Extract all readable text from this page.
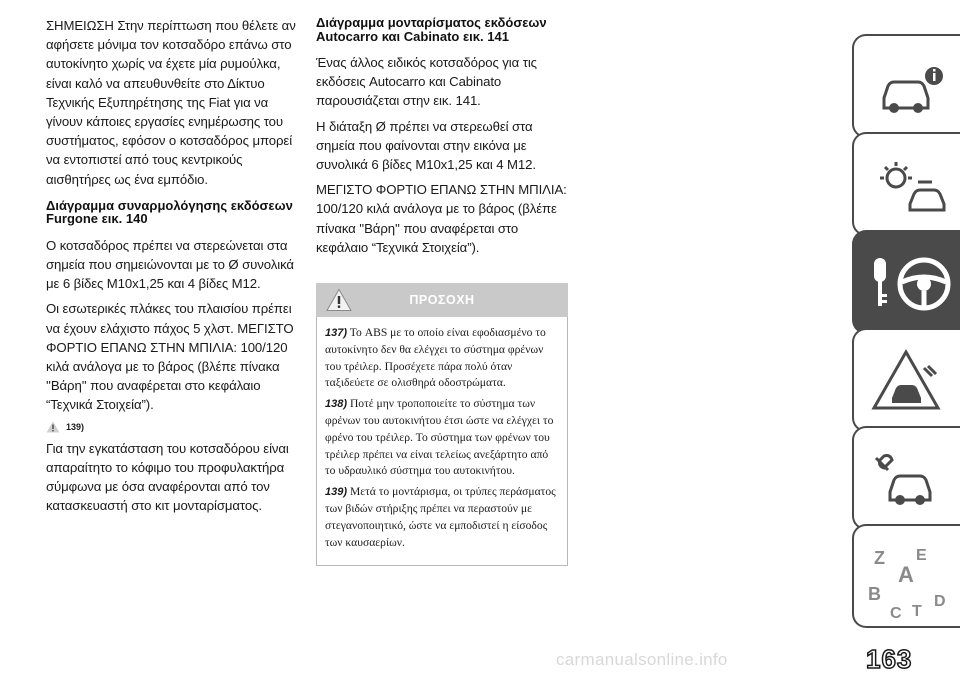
ΣΗΜΕΙΩΣΗ Στην περίπτωση που θέλετε αν αφήσετε μόνιμα τον κοτσαδόρο επάνω στο αυτοκίνητο χωρίς να έχετε μία ρυμούλκα, είναι καλό να απευθυνθείτε στο Δίκτυο Τεχνικής Εξυπηρέτησης της Fiat για να γίνουν κάποιες εργασίες ενημέρωσης του συστήματος, εφόσον ο κοτσαδόρος μπορεί να εντοπιστεί από τους κεντρικούς αισθητήρες ως ένα εμπόδιο.

Διάγραμμα συναρμολόγησης εκδόσεων Furgone εικ. 140

Ο κοτσαδόρος πρέπει να στερεώνεται στα σημεία που σημειώνονται με το Ø συνολικά με 6 βίδες M10x1,25 και 4 βίδες M12.

Οι εσωτερικές πλάκες του πλαισίου πρέπει να έχουν ελάχιστο πάχος 5 χλστ. ΜΕΓΙΣΤΟ ΦΟΡΤΙΟ ΕΠΑΝΩ ΣΤΗΝ ΜΠΙΛΙΑ: 100/120 κιλά ανάλογα με το βάρος (βλέπε πίνακα ''Βάρη'' που αναφέρεται στο κεφάλαιο “Τεχνικά Στοιχεία”).

139)

Για την εγκατάσταση του κοτσαδόρου είναι απαραίτητο το κόφιμο του προφυλακτήρα σύμφωνα με όσα αναφέρονται από τον κατασκευαστή στο κιτ μονταρίσματος.

Διάγραμμα μονταρίσματος εκδόσεων Autocarro και Cabinato εικ. 141

Ένας άλλος ειδικός κοτσαδόρος για τις εκδόσεις Autocarro και Cabinato παρουσιάζεται στην εικ. 141.

Η διάταξη Ø πρέπει να στερεωθεί στα σημεία που φαίνονται στην εικόνα με συνολικά 6 βίδες M10x1,25 και 4 M12.

ΜΕΓΙΣΤΟ ΦΟΡΤΙΟ ΕΠΑΝΩ ΣΤΗΝ ΜΠΙΛΙΑ: 100/120 κιλά ανάλογα με το βάρος (βλέπε πίνακα ''Βάρη'' που αναφέρεται στο κεφάλαιο “Τεχνικά Στοιχεία”).

ΠΡΟΣΟΧΗ

137) Το ABS με το οποίο είναι εφοδιασμένο το αυτοκίνητο δεν θα ελέγχει το σύστημα φρένων του τρέιλερ. Προσέχετε πάρα πολύ όταν ταξιδεύετε σε ολισθηρά οδοστρώματα.

138) Ποτέ μην τροποποιείτε το σύστημα των φρένων του αυτοκινήτου έτσι ώστε να ελέγχει το φρένο του τρέιλερ. Το σύστημα των φρένων του τρέιλερ πρέπει να είναι τελείως ανεξάρτητο από το υδραυλικό σύστημα του αυτοκινήτου.

139) Μετά το μοντάρισμα, οι τρύπες περάσματος των βιδών στήριξης πρέπει να περαστούν με στεγανοποιητικό, ώστε να εμποδιστεί η είσοδος των καυσαερίων.

Z E
A
B
C T
D
163
carmanualsonline.info
